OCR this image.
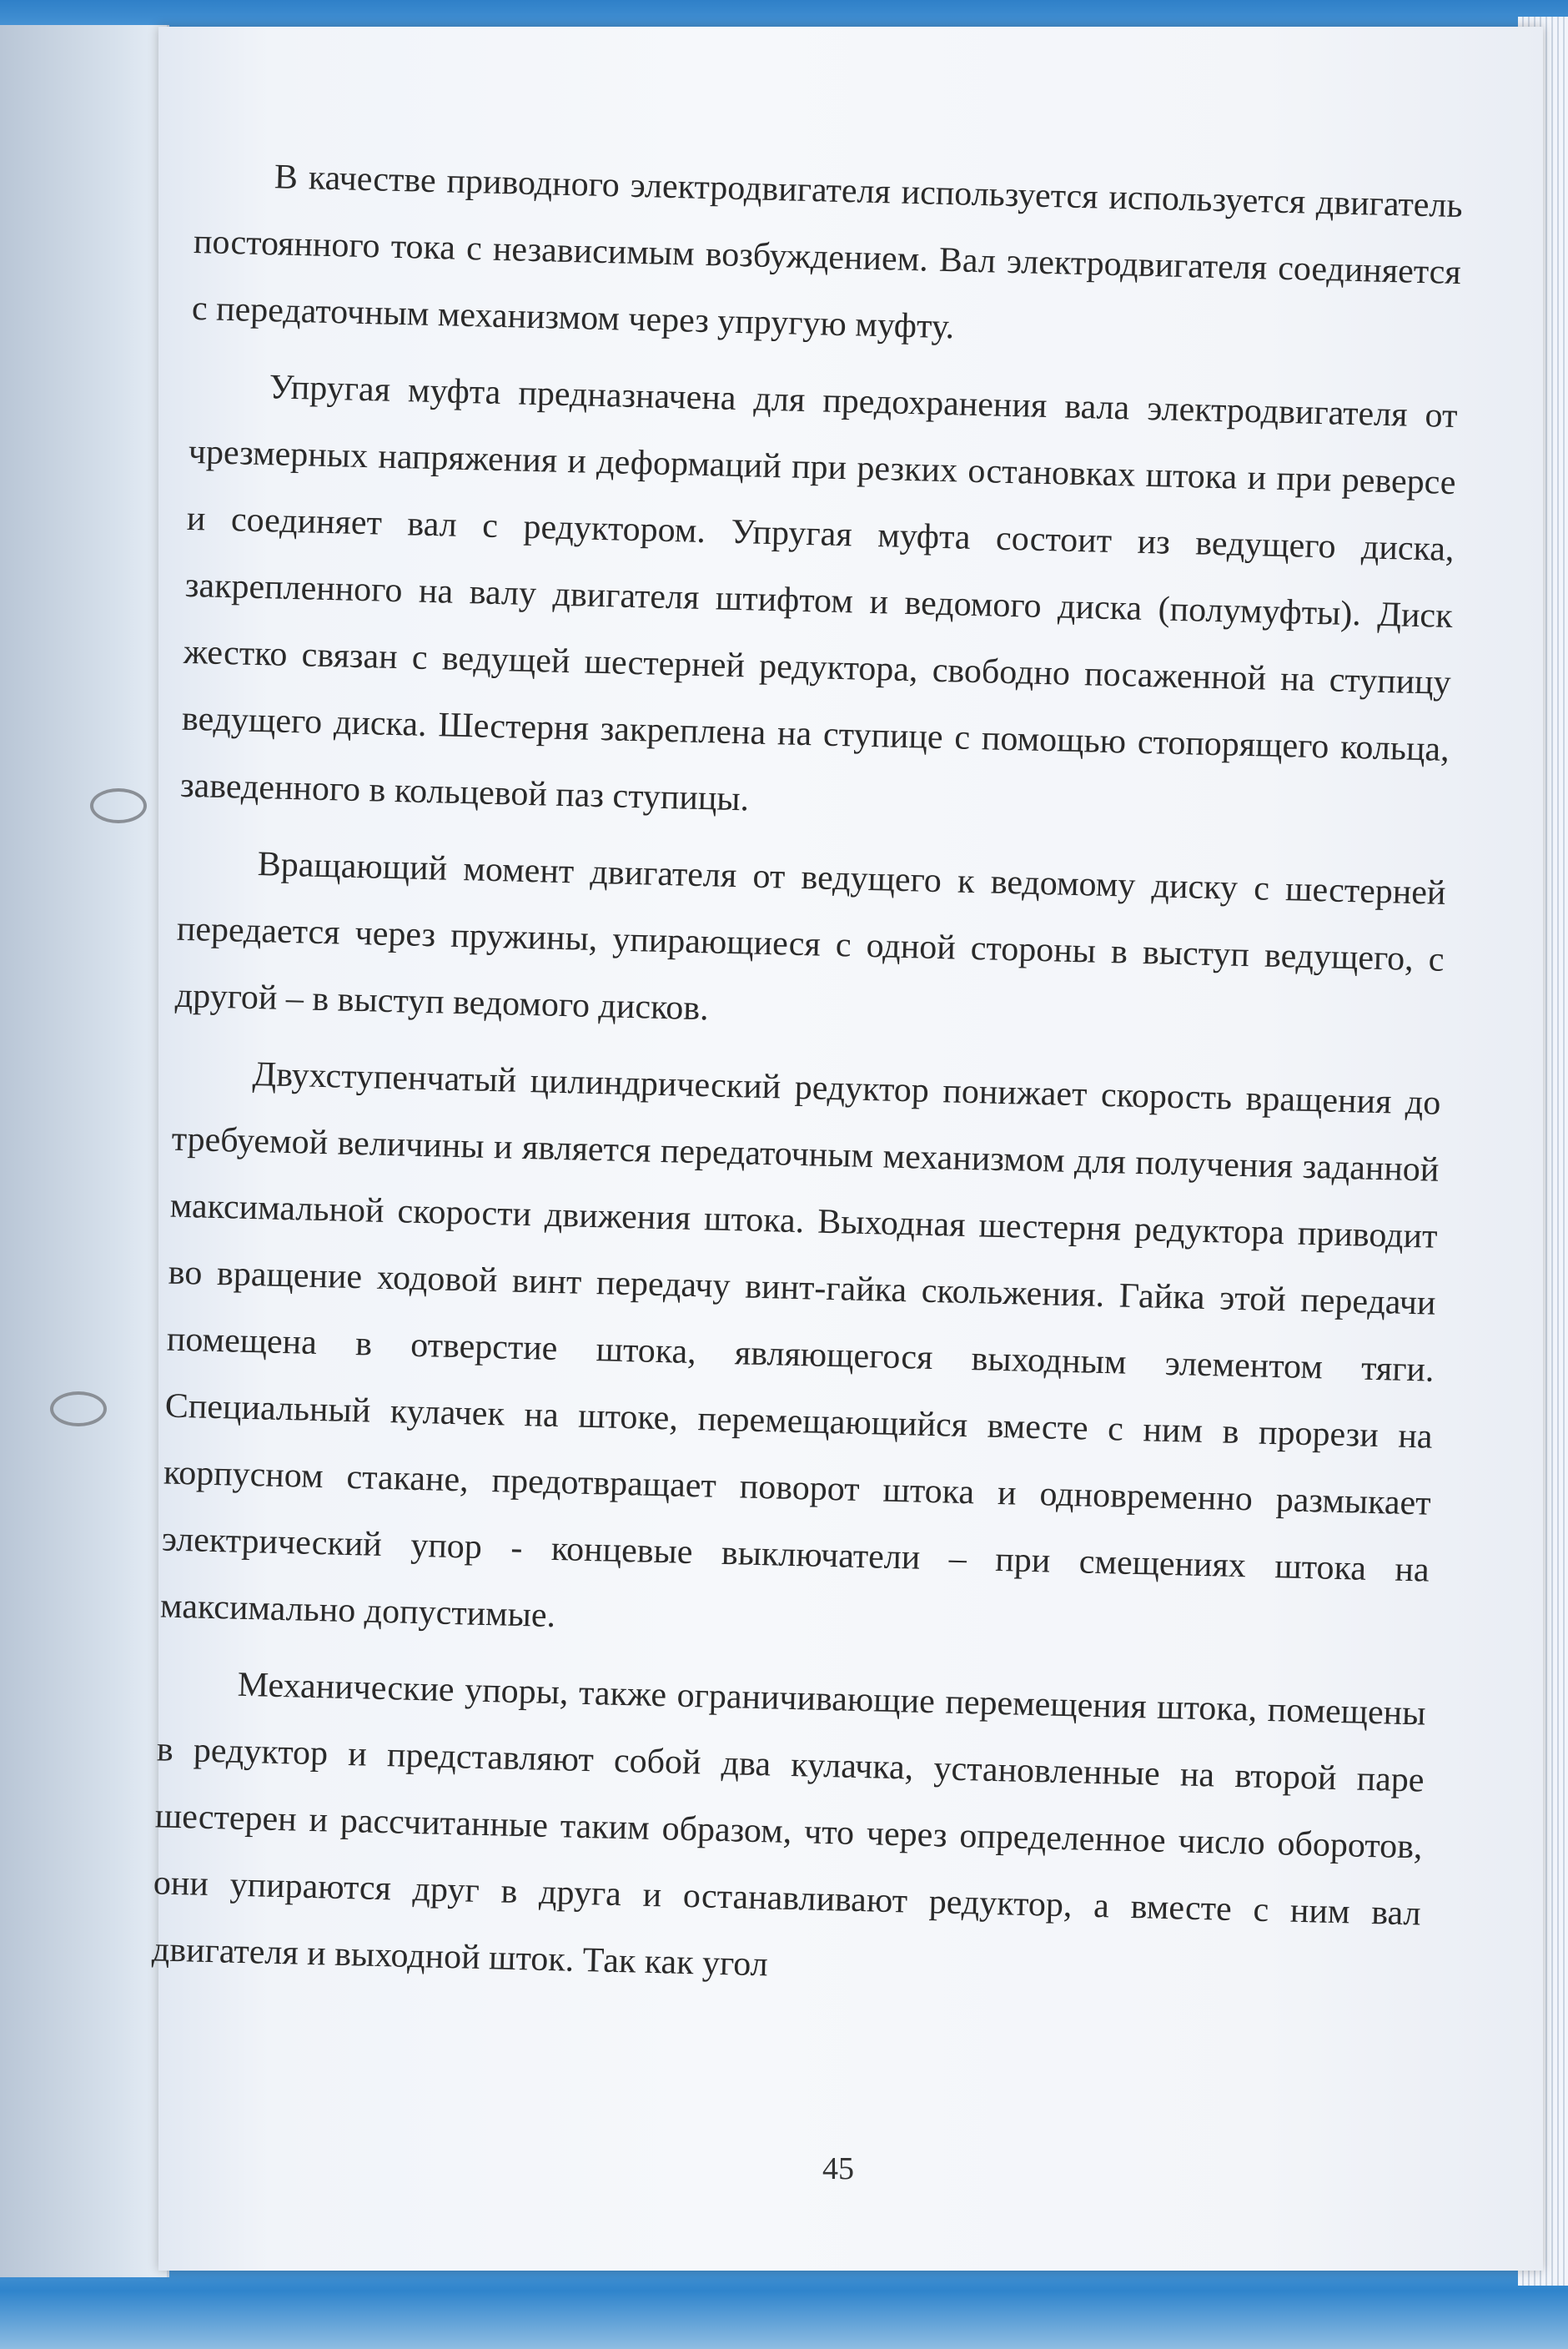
В качестве приводного электродвигателя используется используется двигатель постоянного тока с независимым возбуждением. Вал электродвигателя соединяется с передаточным механизмом через упругую муфту.

Упругая муфта предназначена для предохранения вала электродвигателя от чрезмерных напряжения и деформаций при резких остановках штока и при реверсе и соединяет вал с редуктором. Упругая муфта состоит из ведущего диска, закрепленного на валу двигателя штифтом и ведомого диска (полумуфты). Диск жестко связан с ведущей шестерней редуктора, свободно посаженной на ступицу ведущего диска. Шестерня закреплена на ступице с помощью стопорящего кольца, заведенного в кольцевой паз ступицы.

Вращающий момент двигателя от ведущего к ведомому диску с шестерней передается через пружины, упирающиеся с одной стороны в выступ ведущего, с другой – в выступ ведомого дисков.

Двухступенчатый цилиндрический редуктор понижает скорость вращения до требуемой величины и является передаточным механизмом для получения заданной максимальной скорости движения штока. Выходная шестерня редуктора приводит во вращение ходовой винт передачу винт-гайка скольжения. Гайка этой передачи помещена в отверстие штока, являющегося выходным элементом тяги. Специальный кулачек на штоке, перемещающийся вместе с ним в прорези на корпусном стакане, предотвращает поворот штока и одновременно размыкает электрический упор - концевые выключатели – при смещениях штока на максимально допустимые.

Механические упоры, также ограничивающие перемещения штока, помещены в редуктор и представляют собой два кулачка, установленные на второй паре шестерен и рассчитанные таким образом, что через определенное число оборотов, они упираются друг в друга и останавливают редуктор, а вместе с ним вал двигателя и выходной шток. Так как угол

45
